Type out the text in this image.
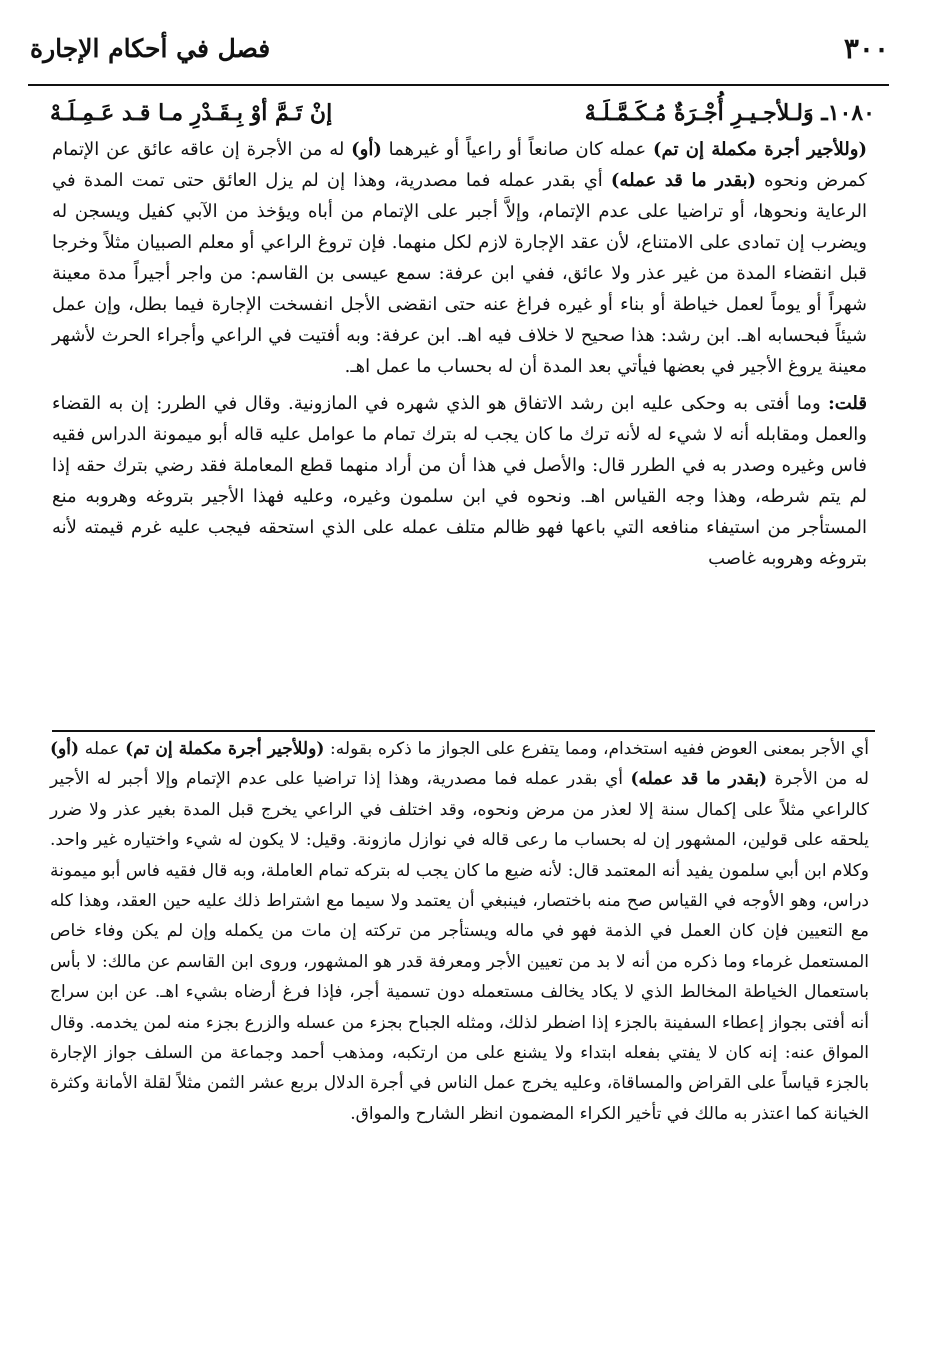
٣٠٠
فصل في أحكام الإجارة
١٠٨٠ـ وَلـلأجـيـرِ أُجْـرَةٌ مُـكَـمَّـلَـهْ
إنْ تَـمَّ أوْ بِـقَـدْرِ مـا قـد عَـمِـلَـهْ

(وللأجير أجرة مكملة إن تم) عمله كان صانعاً أو راعياً أو غيرهما (أو) له من الأجرة إن عاقه عائق عن الإتمام كمرض ونحوه (بقدر ما قد عمله) أي بقدر عمله فما مصدرية، وهذا إن لم يزل العائق حتى تمت المدة في الرعاية ونحوها، أو تراضيا على عدم الإتمام، وإلاَّ أجبر على الإتمام من أباه ويؤخذ من الآبي كفيل ويسجن له ويضرب إن تمادى على الامتناع، لأن عقد الإجارة لازم لكل منهما. فإن تروغ الراعي أو معلم الصبيان مثلاً وخرجا قبل انقضاء المدة من غير عذر ولا عائق، ففي ابن عرفة: سمع عيسى بن القاسم: من واجر أجيراً مدة معينة شهراً أو يوماً لعمل خياطة أو بناء أو غيره فراغ عنه حتى انقضى الأجل انفسخت الإجارة فيما بطل، وإن عمل شيئاً فبحسابه اهـ. ابن رشد: هذا صحيح لا خلاف فيه اهـ. ابن عرفة: وبه أفتيت في الراعي وأجراء الحرث لأشهر معينة يروغ الأجير في بعضها فيأتي بعد المدة أن له بحساب ما عمل اهـ.

قلت: وما أفتى به وحكى عليه ابن رشد الاتفاق هو الذي شهره في المازونية. وقال في الطرر: إن به القضاء والعمل ومقابله أنه لا شيء له لأنه ترك ما كان يجب له بترك تمام ما عوامل عليه قاله أبو ميمونة الدراس فقيه فاس وغيره وصدر به في الطرر قال: والأصل في هذا أن من أراد منهما قطع المعاملة فقد رضي بترك حقه إذا لم يتم شرطه، وهذا وجه القياس اهـ. ونحوه في ابن سلمون وغيره، وعليه فهذا الأجير بتروغه وهروبه منع المستأجر من استيفاء منافعه التي باعها فهو ظالم متلف عمله على الذي استحقه فيجب عليه غرم قيمته لأنه بتروغه وهروبه غاصب

أي الأجر بمعنى العوض ففيه استخدام، ومما يتفرع على الجواز ما ذكره بقوله: (وللأجير أجرة مكملة إن تم) عمله (أو) له من الأجرة (بقدر ما قد عمله) أي بقدر عمله فما مصدرية، وهذا إذا تراضيا على عدم الإتمام وإلا أجبر له الأجير كالراعي مثلاً على إكمال سنة إلا لعذر من مرض ونحوه، وقد اختلف في الراعي يخرج قبل المدة بغير عذر ولا ضرر يلحقه على قولين، المشهور إن له بحساب ما رعى قاله في نوازل مازونة. وقيل: لا يكون له شيء واختياره غير واحد. وكلام ابن أبي سلمون يفيد أنه المعتمد قال: لأنه ضيع ما كان يجب له بتركه تمام العاملة، وبه قال فقيه فاس أبو ميمونة دراس، وهو الأوجه في القياس صح منه باختصار، فينبغي أن يعتمد ولا سيما مع اشتراط ذلك عليه حين العقد، وهذا كله مع التعيين فإن كان العمل في الذمة فهو في ماله ويستأجر من تركته إن مات من يكمله وإن لم يكن وفاء خاص المستعمل غرماء وما ذكره من أنه لا بد من تعيين الأجر ومعرفة قدر هو المشهور، وروى ابن القاسم عن مالك: لا بأس باستعمال الخياطة المخالط الذي لا يكاد يخالف مستعمله دون تسمية أجر، فإذا فرغ أرضاه بشيء اهـ. عن ابن سراج أنه أفتى بجواز إعطاء السفينة بالجزء إذا اضطر لذلك، ومثله الجباح بجزء من عسله والزرع بجزء منه لمن يخدمه. وقال المواق عنه: إنه كان لا يفتي بفعله ابتداء ولا يشنع على من ارتكبه، ومذهب أحمد وجماعة من السلف جواز الإجارة بالجزء قياساً على القراض والمساقاة، وعليه يخرج عمل الناس في أجرة الدلال بربع عشر الثمن مثلاً لقلة الأمانة وكثرة الخيانة كما اعتذر به مالك في تأخير الكراء المضمون انظر الشارح والمواق.
